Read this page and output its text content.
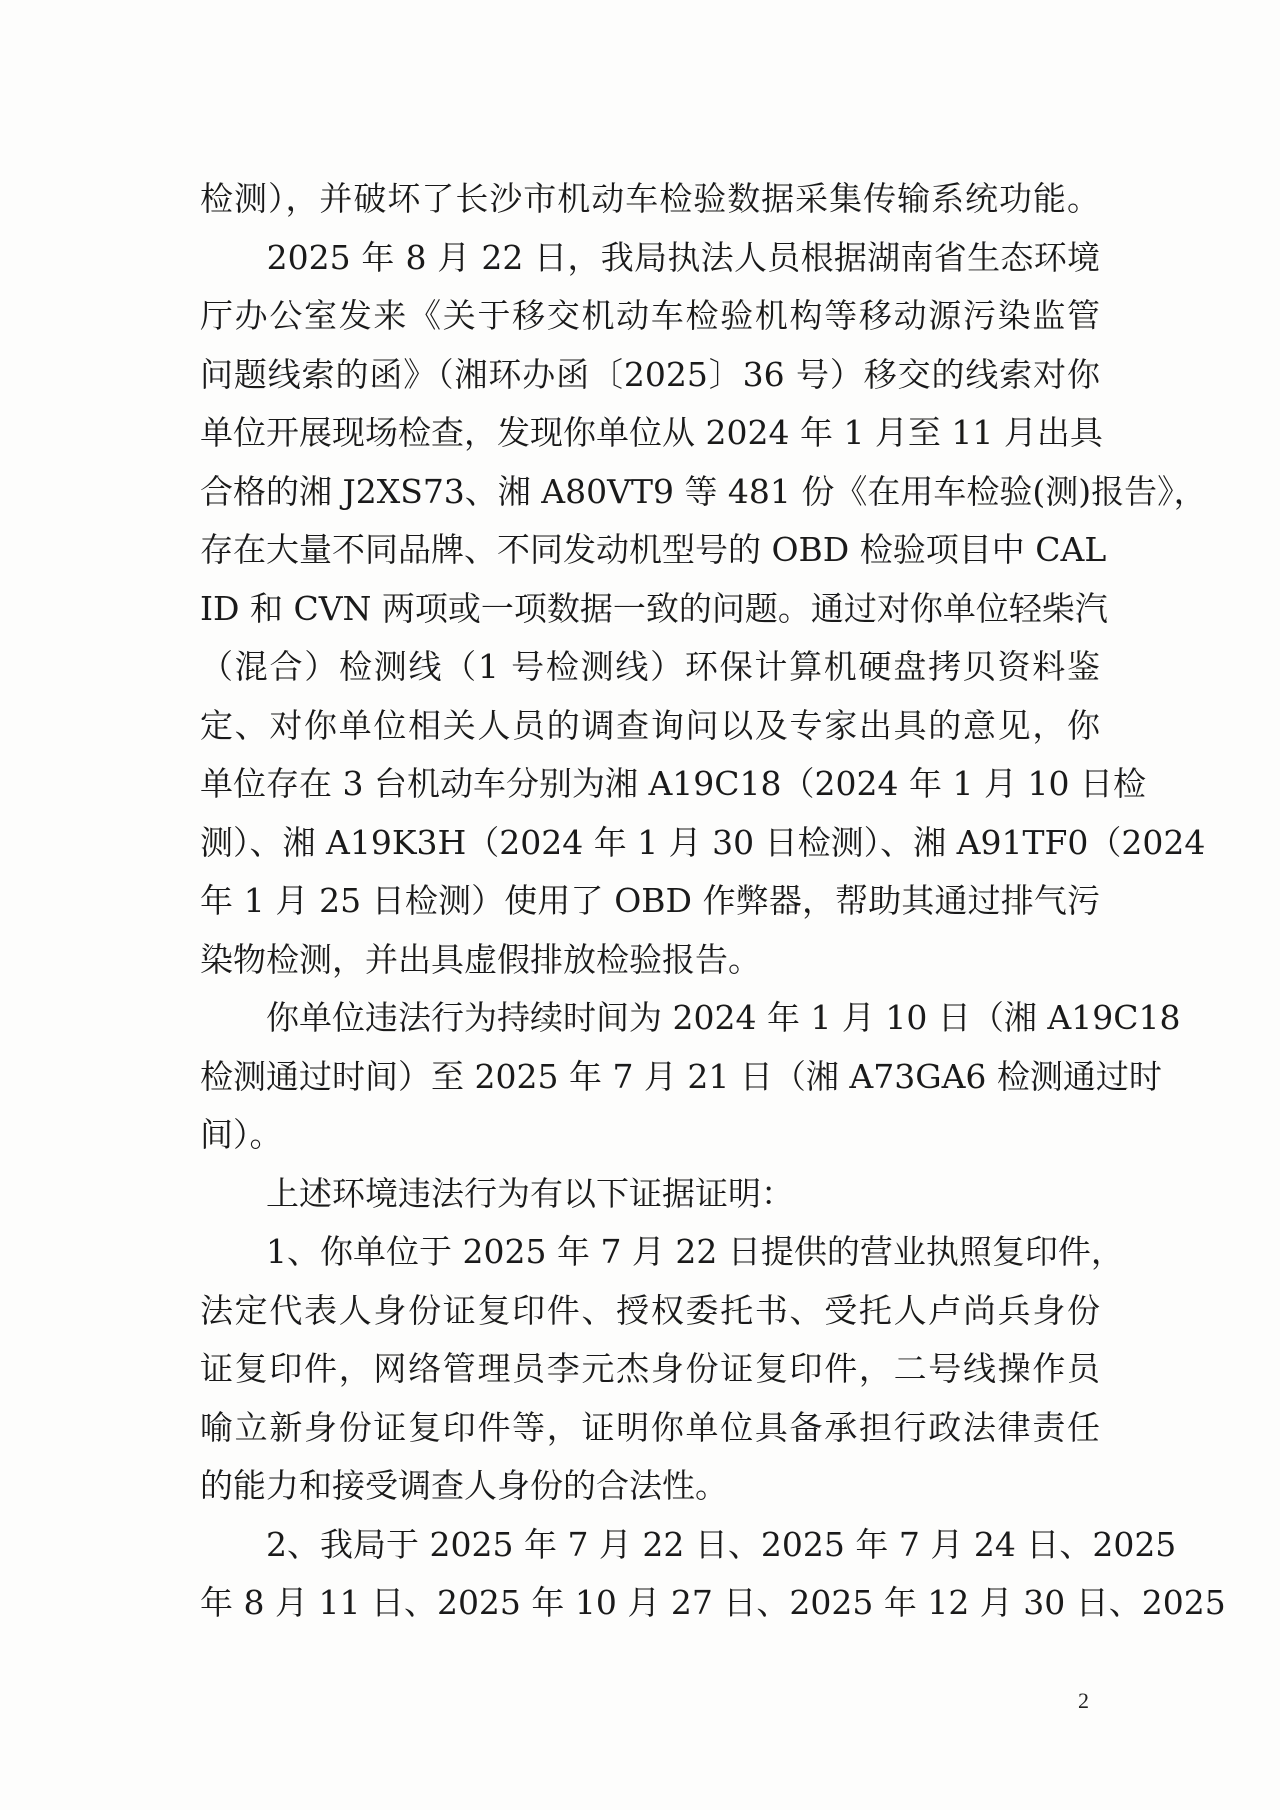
检测），并破坏了长沙市机动车检验数据采集传输系统功能。
　　2025 年 8 月 22 日，我局执法人员根据湖南省生态环境
厅办公室发来《关于移交机动车检验机构等移动源污染监管
问题线索的函》（湘环办函〔2025〕36 号）移交的线索对你
单位开展现场检查，发现你单位从 2024 年 1 月至 11 月出具
合格的湘 J2XS73、湘 A80VT9 等 481 份《在用车检验(测)报告》，
存在大量不同品牌、不同发动机型号的 OBD 检验项目中 CAL
ID 和 CVN 两项或一项数据一致的问题。通过对你单位轻柴汽
（混合）检测线（1 号检测线）环保计算机硬盘拷贝资料鉴
定、对你单位相关人员的调查询问以及专家出具的意见，你
单位存在 3 台机动车分别为湘 A19C18（2024 年 1 月 10 日检
测）、湘 A19K3H（2024 年 1 月 30 日检测）、湘 A91TF0（2024
年 1 月 25 日检测）使用了 OBD 作弊器，帮助其通过排气污
染物检测，并出具虚假排放检验报告。
　　你单位违法行为持续时间为 2024 年 1 月 10 日（湘 A19C18
检测通过时间）至 2025 年 7 月 21 日（湘 A73GA6 检测通过时
间）。
　　上述环境违法行为有以下证据证明：
　　1、你单位于 2025 年 7 月 22 日提供的营业执照复印件，
法定代表人身份证复印件、授权委托书、受托人卢尚兵身份
证复印件，网络管理员李元杰身份证复印件，二号线操作员
喻立新身份证复印件等，证明你单位具备承担行政法律责任
的能力和接受调查人身份的合法性。
　　2、我局于 2025 年 7 月 22 日、2025 年 7 月 24 日、2025
年 8 月 11 日、2025 年 10 月 27 日、2025 年 12 月 30 日、2025
2
